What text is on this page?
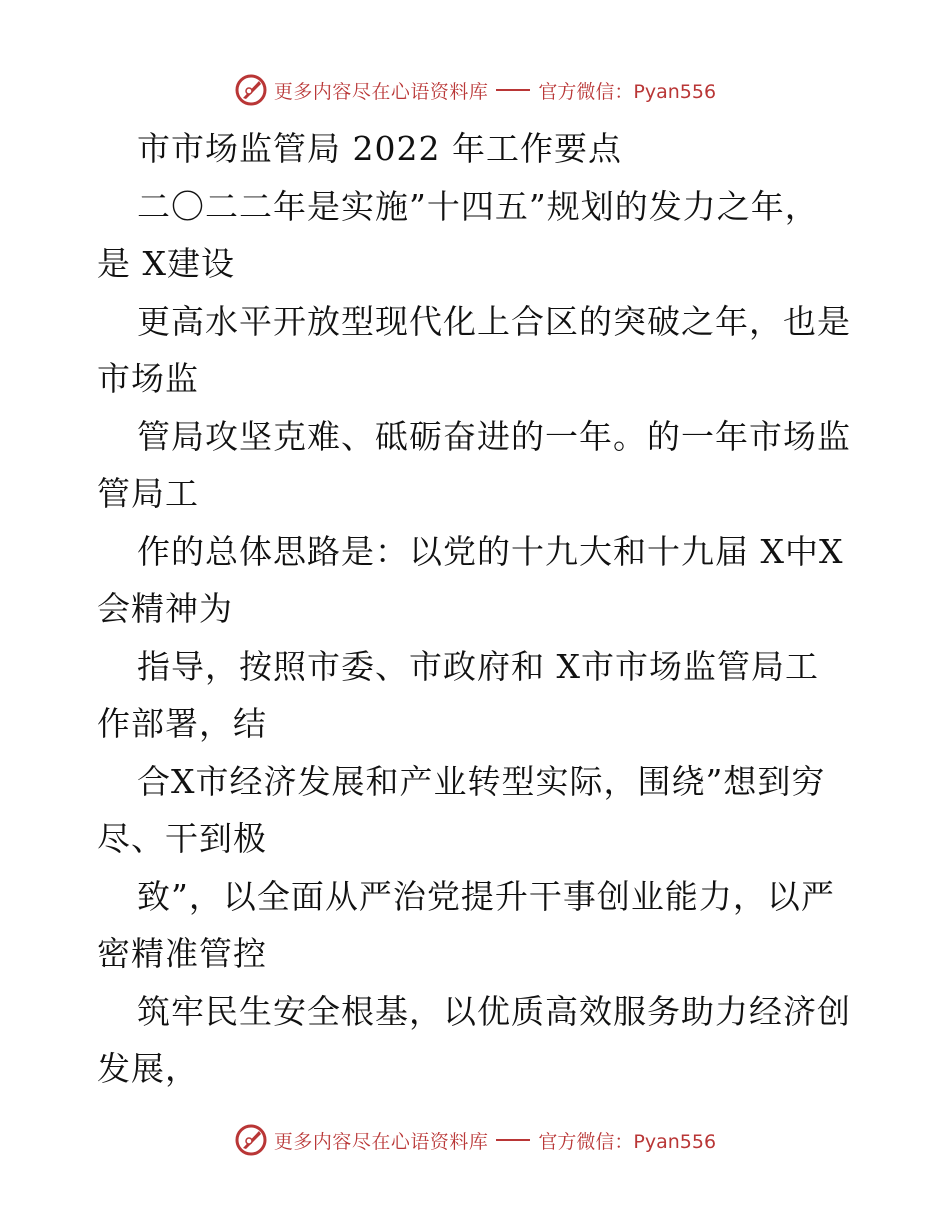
更多内容尽在心语资料库	官方微信：Pyan556
市市场监管局 2022 年工作要点
二〇二二年是实施”十四五”规划的发力之年，
是 X建设
更高水平开放型现代化上合区的突破之年，也是
市场监
管局攻坚克难、砥砺奋进的一年。的一年市场监
管局工
作的总体思路是：以党的十九大和十九届 X中X
会精神为
指导，按照市委、市政府和 X市市场监管局工
作部署，结
合X市经济发展和产业转型实际，围绕”想到穷
尽、干到极
致”，以全面从严治党提升干事创业能力，以严
密精准管控
筑牢民生安全根基，以优质高效服务助力经济创
发展，
更多内容尽在心语资料库	官方微信：Pyan556
